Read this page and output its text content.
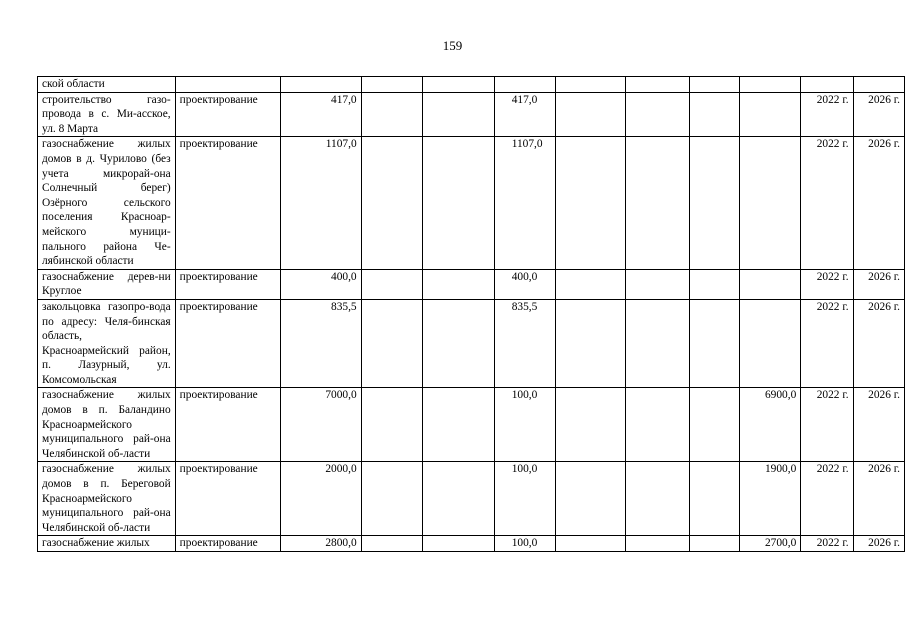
159
ской области											
строительство газо-провода в с. Ми-асское, ул. 8 Марта	проектирование	417,0			417,0					2022 г.	2026 г.
газоснабжение жилых домов в д. Чурилово (без учета микрорай-она Солнечный берег) Озёрного сельского поселения Красноар-мейского муници-пального района Че-лябинской области	проектирование	1107,0			1107,0					2022 г.	2026 г.
газоснабжение дерев-ни Круглое	проектирование	400,0			400,0					2022 г.	2026 г.
закольцовка газопро-вода по адресу: Челя-бинская область, Красноармейский район, п. Лазурный, ул. Комсомольская	проектирование	835,5			835,5					2022 г.	2026 г.
газоснабжение жилых домов в п. Баландино Красноармейского муниципального рай-она Челябинской об-ласти	проектирование	7000,0			100,0				6900,0	2022 г.	2026 г.
газоснабжение жилых домов в п. Береговой Красноармейского муниципального рай-она Челябинской об-ласти	проектирование	2000,0			100,0				1900,0	2022 г.	2026 г.
газоснабжение жилых	проектирование	2800,0			100,0				2700,0	2022 г.	2026 г.
